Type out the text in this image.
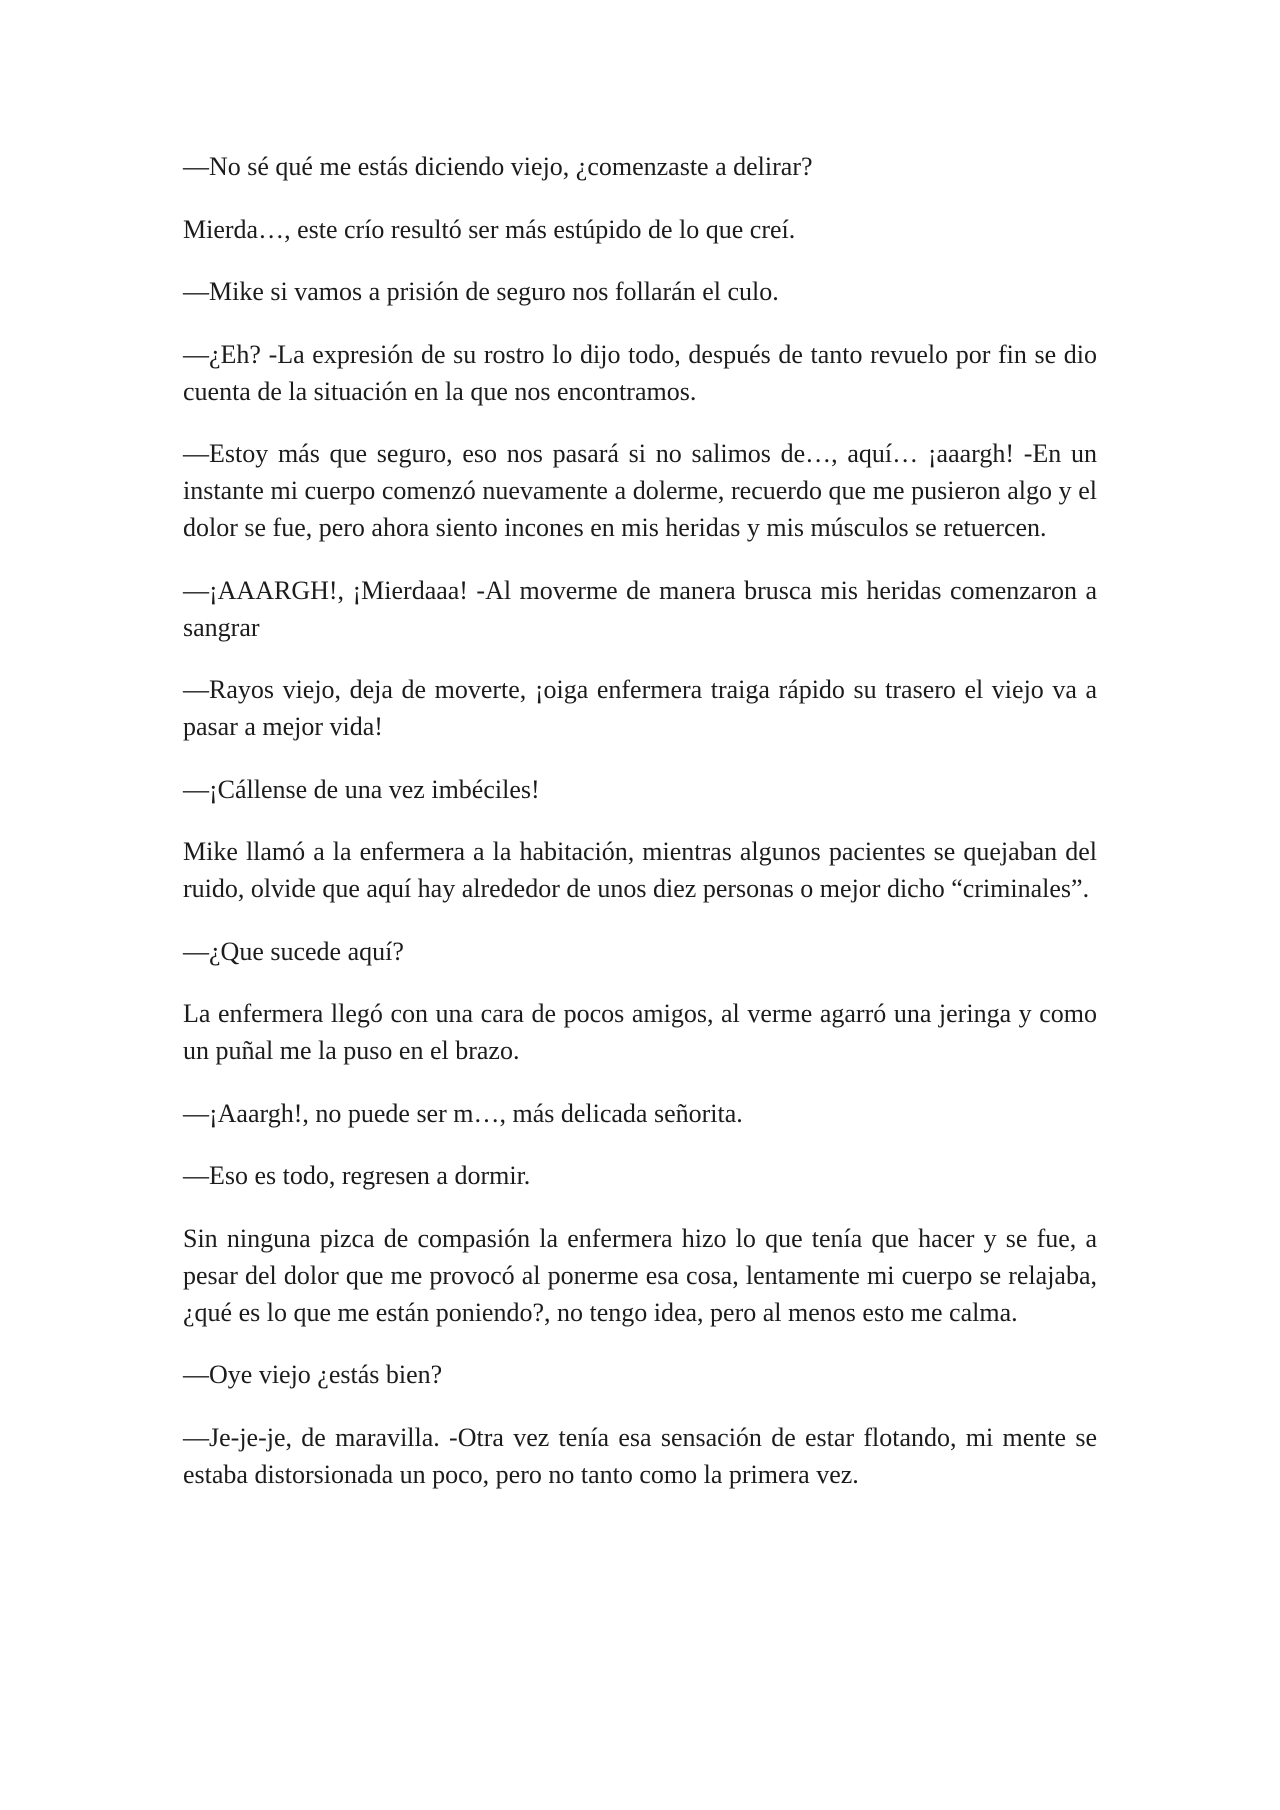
—No sé qué me estás diciendo viejo, ¿comenzaste a delirar?

Mierda…, este crío resultó ser más estúpido de lo que creí.

—Mike si vamos a prisión de seguro nos follarán el culo.

—¿Eh? -La expresión de su rostro lo dijo todo, después de tanto revuelo por fin se dio cuenta de la situación en la que nos encontramos.

—Estoy más que seguro, eso nos pasará si no salimos de…, aquí… ¡aaargh! -En un instante mi cuerpo comenzó nuevamente a dolerme, recuerdo que me pusieron algo y el dolor se fue, pero ahora siento incones en mis heridas y mis músculos se retuercen.

—¡AAARGH!, ¡Mierdaaa! -Al moverme de manera brusca mis heridas comenzaron a sangrar

—Rayos viejo, deja de moverte, ¡oiga enfermera traiga rápido su trasero el viejo va a pasar a mejor vida!

—¡Cállense de una vez imbéciles!

Mike llamó a la enfermera a la habitación, mientras algunos pacientes se quejaban del ruido, olvide que aquí hay alrededor de unos diez personas o mejor dicho “criminales”.

—¿Que sucede aquí?

La enfermera llegó con una cara de pocos amigos, al verme agarró una jeringa y como un puñal me la puso en el brazo.

—¡Aaargh!, no puede ser m…, más delicada señorita.

—Eso es todo, regresen a dormir.

Sin ninguna pizca de compasión la enfermera hizo lo que tenía que hacer y se fue, a pesar del dolor que me provocó al ponerme esa cosa, lentamente mi cuerpo se relajaba, ¿qué es lo que me están poniendo?, no tengo idea, pero al menos esto me calma.

—Oye viejo ¿estás bien?

—Je-je-je, de maravilla. -Otra vez tenía esa sensación de estar flotando, mi mente se estaba distorsionada un poco, pero no tanto como la primera vez.
